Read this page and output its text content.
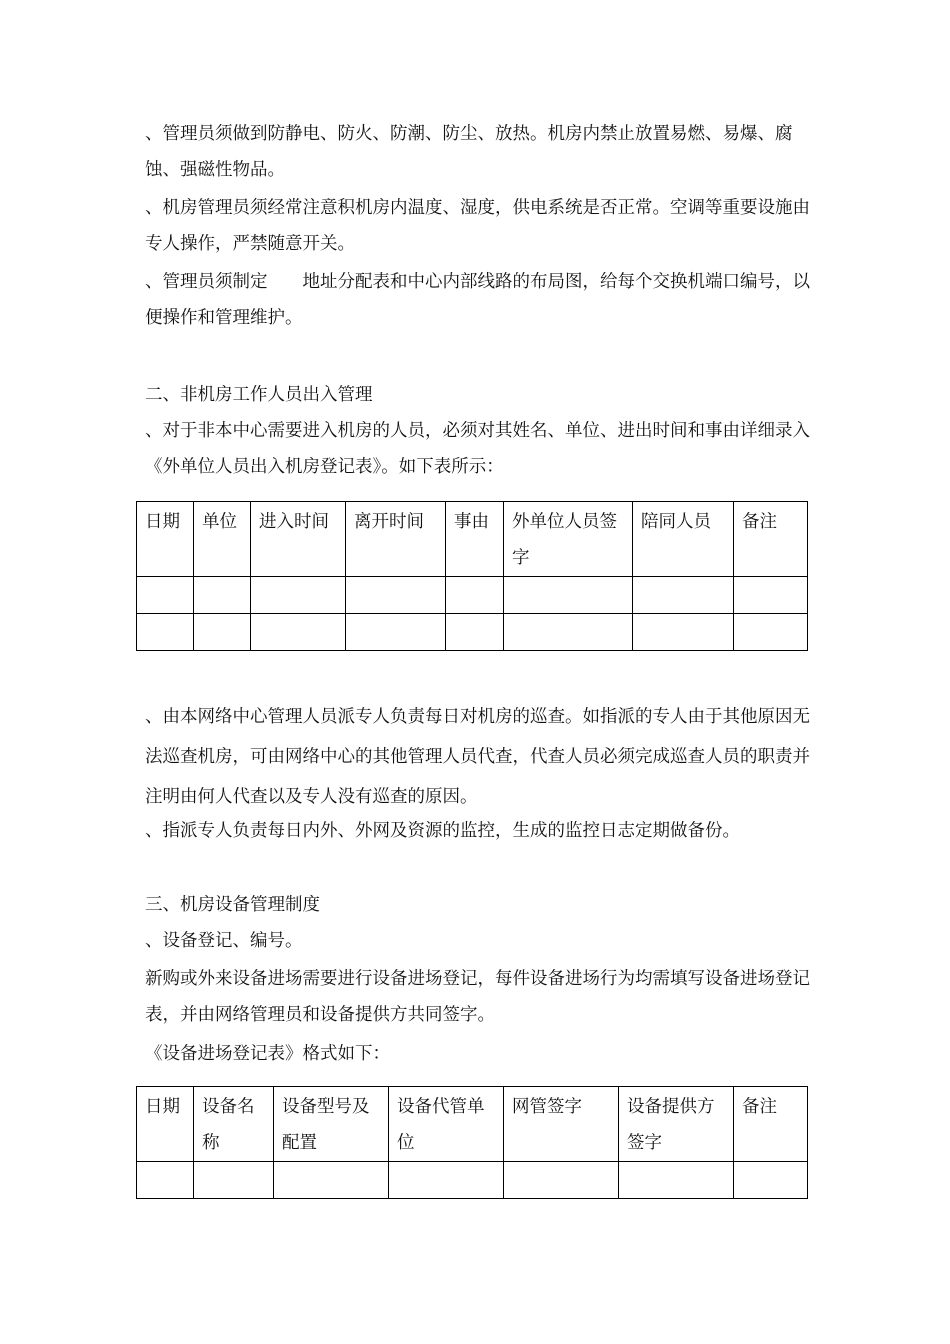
、管理员须做到防静电、防火、防潮、防尘、放热。机房内禁止放置易燃、易爆、腐蚀、强磁性物品。

、机房管理员须经常注意积机房内温度、湿度，供电系统是否正常。空调等重要设施由专人操作，严禁随意开关。

、管理员须制定　　地址分配表和中心内部线路的布局图，给每个交换机端口编号，以便操作和管理维护。

二、非机房工作人员出入管理

、对于非本中心需要进入机房的人员，必须对其姓名、单位、进出时间和事由详细录入《外单位人员出入机房登记表》。如下表所示：

日期	单位	进入时间	离开时间	事由	外单位人员签字	陪同人员	备注

、由本网络中心管理人员派专人负责每日对机房的巡查。如指派的专人由于其他原因无法巡查机房，可由网络中心的其他管理人员代查，代查人员必须完成巡查人员的职责并注明由何人代查以及专人没有巡查的原因。

、指派专人负责每日内外、外网及资源的监控，生成的监控日志定期做备份。

三、机房设备管理制度

、设备登记、编号。

新购或外来设备进场需要进行设备进场登记，每件设备进场行为均需填写设备进场登记表，并由网络管理员和设备提供方共同签字。

《设备进场登记表》格式如下：

日期	设备名称	设备型号及配置	设备代管单位	网管签字	设备提供方签字	备注
